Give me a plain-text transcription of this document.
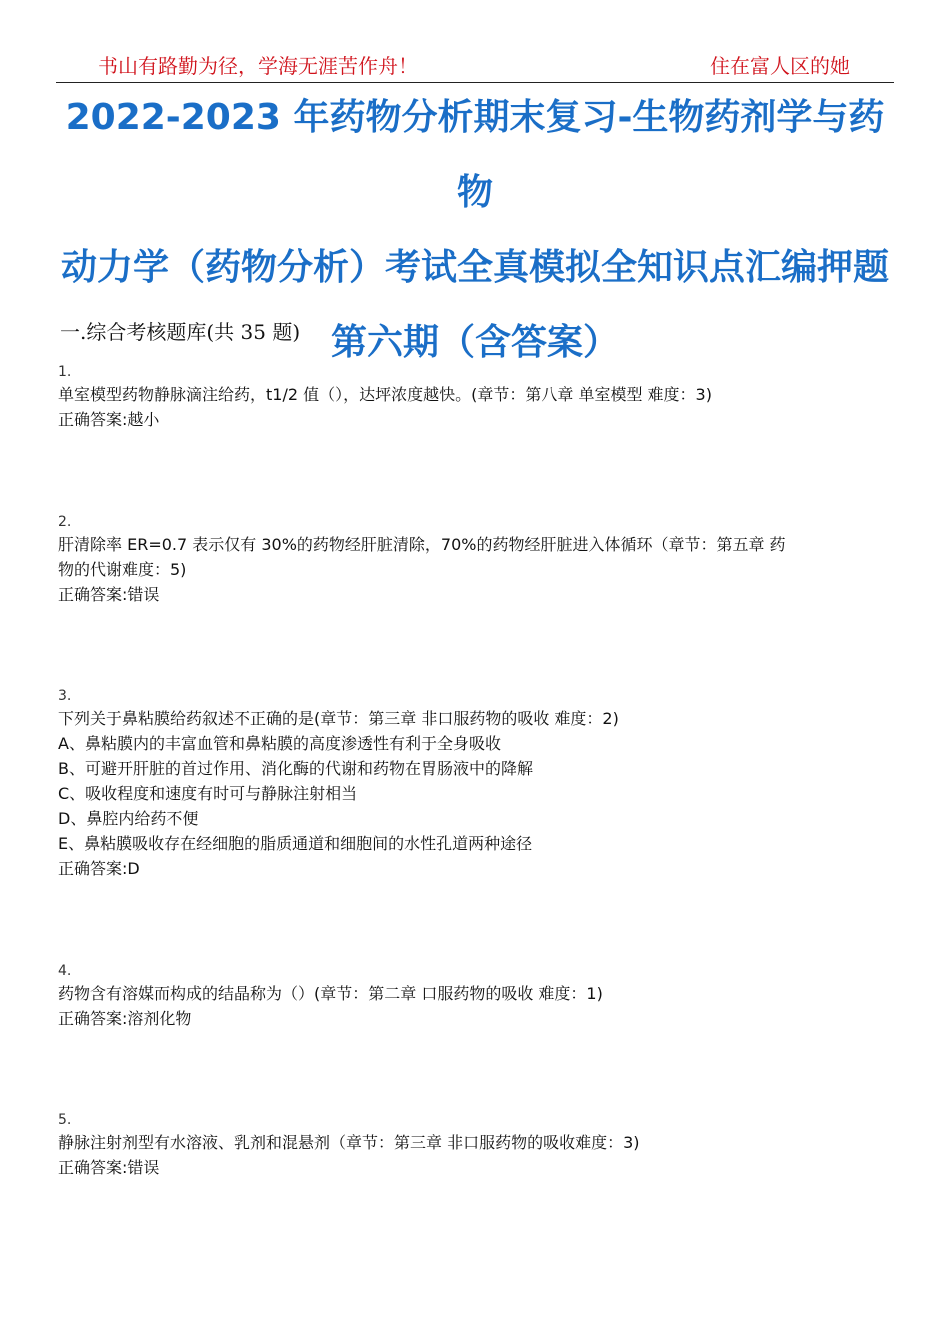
书山有路勤为径，学海无涯苦作舟！	住在富人区的她
2022-2023 年药物分析期末复习-生物药剂学与药物
动力学（药物分析）考试全真模拟全知识点汇编押题
第六期（含答案）
一.综合考核题库(共 35 题)
1.
单室模型药物静脉滴注给药，t1/2 值（），达坪浓度越快。(章节：第八章 单室模型 难度：3)
正确答案:越小
2.
肝清除率 ER=0.7 表示仅有 30%的药物经肝脏清除，70%的药物经肝脏进入体循环（章节：第五章 药
物的代谢难度：5)
正确答案:错误
3.
下列关于鼻粘膜给药叙述不正确的是(章节：第三章 非口服药物的吸收 难度：2)
A、鼻粘膜内的丰富血管和鼻粘膜的高度渗透性有利于全身吸收
B、可避开肝脏的首过作用、消化酶的代谢和药物在胃肠液中的降解
C、吸收程度和速度有时可与静脉注射相当
D、鼻腔内给药不便
E、鼻粘膜吸收存在经细胞的脂质通道和细胞间的水性孔道两种途径
正确答案:D
4.
药物含有溶媒而构成的结晶称为（）(章节：第二章 口服药物的吸收 难度：1)
正确答案:溶剂化物
5.
静脉注射剂型有水溶液、乳剂和混悬剂（章节：第三章 非口服药物的吸收难度：3)
正确答案:错误
